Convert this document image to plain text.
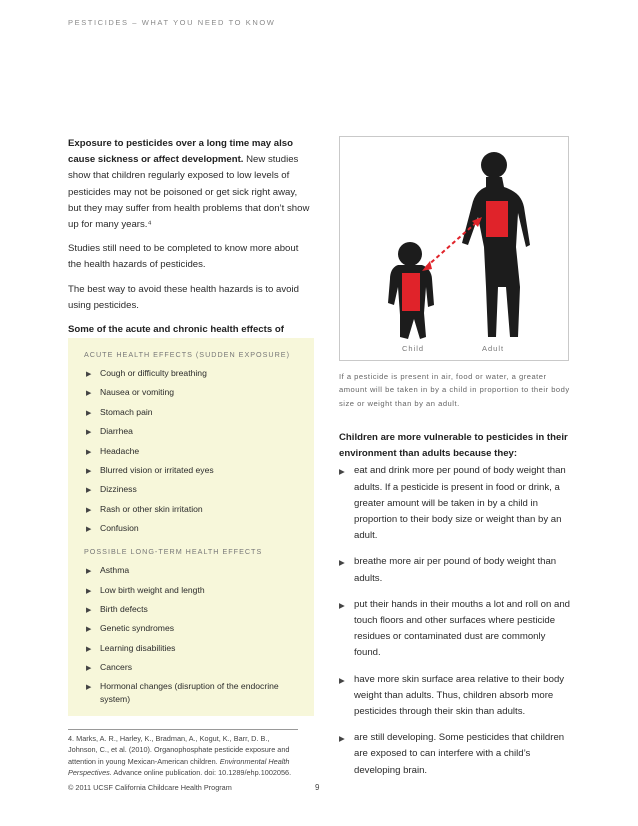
PESTICIDES – WHAT YOU NEED TO KNOW

Exposure to pesticides over a long time may also cause sickness or affect development. New studies show that children regularly exposed to low levels of pesticides may not be poisoned or get sick right away, but they may suffer from health problems that don’t show up for many years.⁴

Studies still need to be completed to know more about the health hazards of pesticides.

The best way to avoid these health hazards is to avoid using pesticides.

Some of the acute and chronic health effects of

ACUTE HEALTH EFFECTS (SUDDEN EXPOSURE)
▶ Cough or difficulty breathing
▶ Nausea or vomiting
▶ Stomach pain
▶ Diarrhea
▶ Headache
▶ Blurred vision or irritated eyes
▶ Dizziness
▶ Rash or other skin irritation
▶ Confusion
POSSIBLE LONG-TERM HEALTH EFFECTS
▶ Asthma
▶ Low birth weight and length
▶ Birth defects
▶ Genetic syndromes
▶ Learning disabilities
▶ Cancers
▶ Hormonal changes (disruption of the endocrine system)
Child	Adult
If a pesticide is present in air, food or water, a greater amount will be taken in by a child in proportion to their body size or weight than by an adult.
Children are more vulnerable to pesticides in their environment than adults because they:
▶ eat and drink more per pound of body weight than adults. If a pesticide is present in food or drink, a greater amount will be taken in by a child in proportion to their body size or weight than by an adult.
▶ breathe more air per pound of body weight than adults.
▶ put their hands in their mouths a lot and roll on and touch floors and other surfaces where pesticide residues or contaminated dust are commonly found.
▶ have more skin surface area relative to their body weight than adults. Thus, children absorb more pesticides through their skin than adults.
▶ are still developing. Some pesticides that children are exposed to can interfere with a child’s developing brain.
4. Marks, A. R., Harley, K., Bradman, A., Kogut, K., Barr, D. B., Johnson, C., et al. (2010). Organophosphate pesticide exposure and attention in young Mexican-American children. Environmental Health Perspectives. Advance online publication. doi: 10.1289/ehp.1002056.
© 2011 UCSF California Childcare Health Program	9
